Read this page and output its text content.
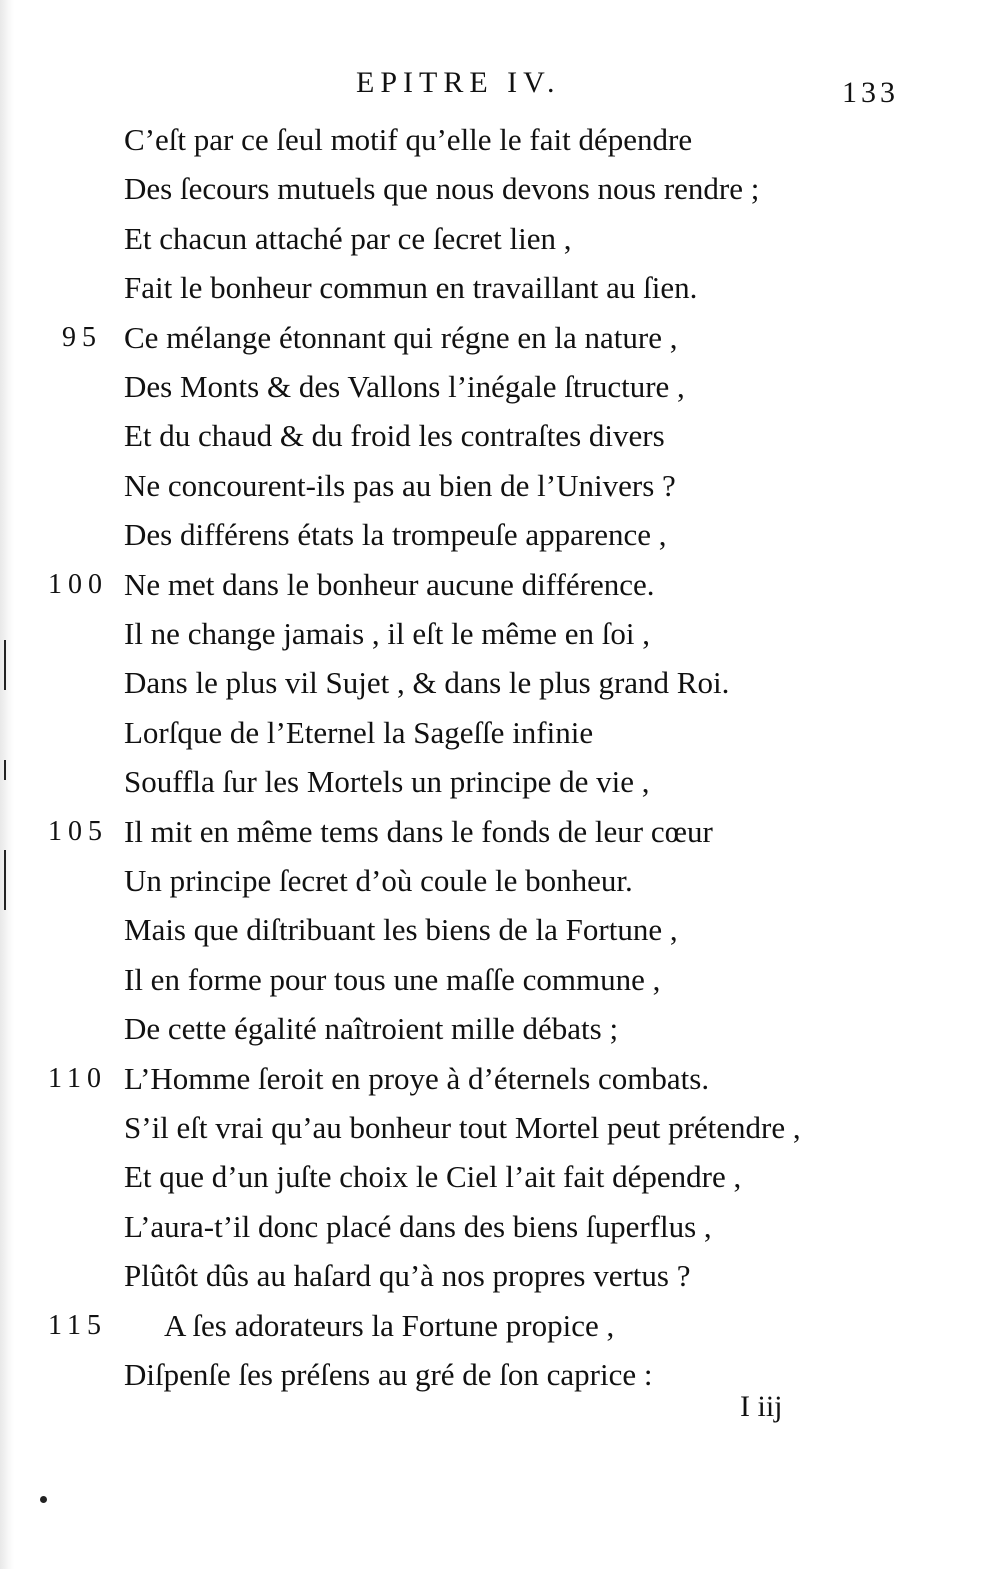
EPITRE IV.	133
C’eſt par ce ſeul motif qu’elle le fait dépendre
Des ſecours mutuels que nous devons nous rendre ;
Et chacun attaché par ce ſecret lien ,
Fait le bonheur commun en travaillant au ſien.
95 Ce mélange étonnant qui régne en la nature ,
Des Monts & des Vallons l’inégale ſtructure ,
Et du chaud & du froid les contraſtes divers
Ne concourent-ils pas au bien de l’Univers ?
Des différens états la trompeuſe apparence ,
100 Ne met dans le bonheur aucune différence.
Il ne change jamais , il eſt le même en ſoi ,
Dans le plus vil Sujet , & dans le plus grand Roi.
Lorſque de l’Eternel la Sageſſe infinie
Souffla ſur les Mortels un principe de vie ,
105 Il mit en même tems dans le fonds de leur cœur
Un principe ſecret d’où coule le bonheur.
Mais que diſtribuant les biens de la Fortune ,
Il en forme pour tous une maſſe commune ,
De cette égalité naîtroient mille débats ;
110 L’Homme ſeroit en proye à d’éternels combats.
S’il eſt vrai qu’au bonheur tout Mortel peut prétendre ,
Et que d’un juſte choix le Ciel l’ait fait dépendre ,
L’aura-t’il donc placé dans des biens ſuperflus ,
Plûtôt dûs au haſard qu’à nos propres vertus ?
115 A ſes adorateurs la Fortune propice ,
Diſpenſe ſes préſens au gré de ſon caprice :
I iij
